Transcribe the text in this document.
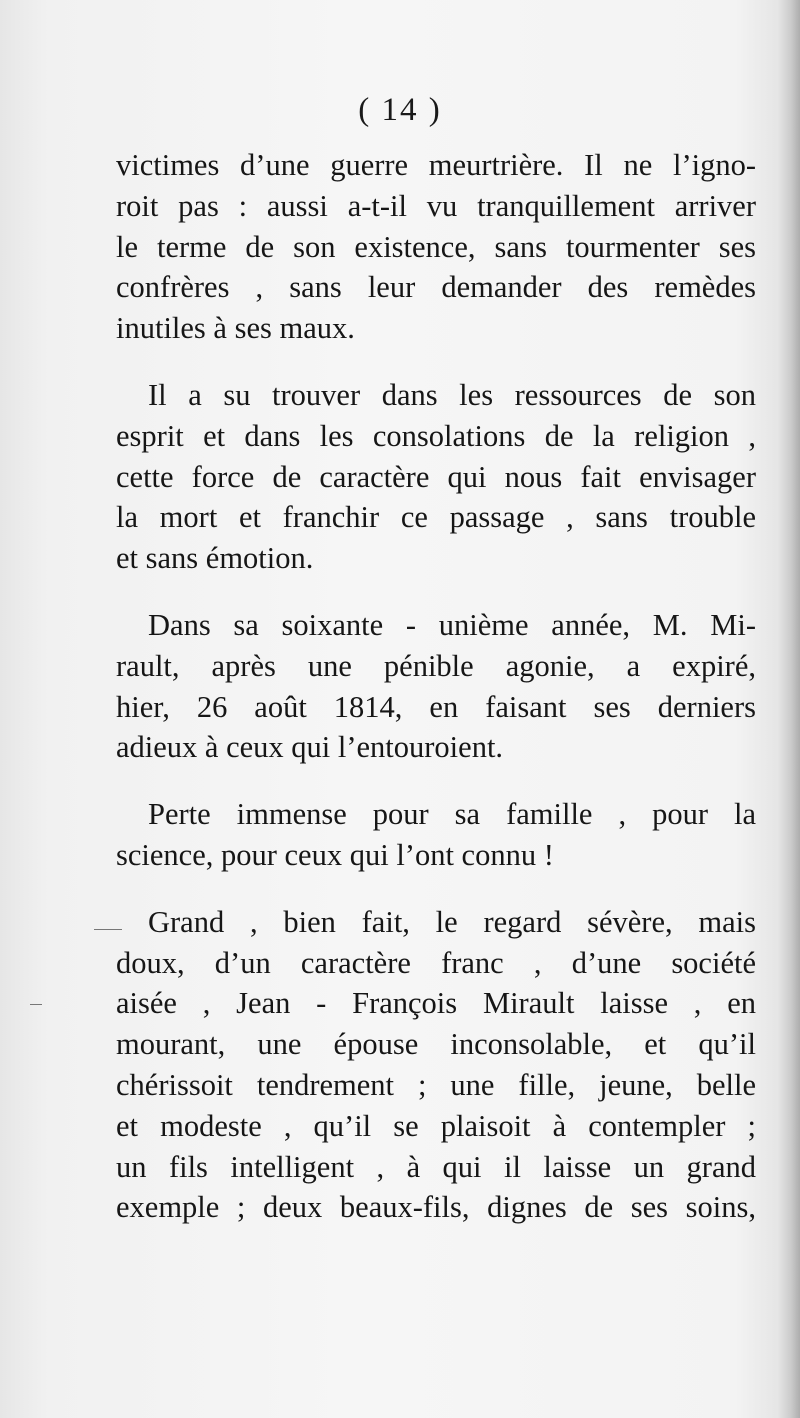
( 14 )
victimes d’une guerre meurtrière. Il ne l’igno-
roit pas : aussi a-t-il vu tranquillement arriver
le terme de son existence, sans tourmenter ses
confrères , sans leur demander des remèdes
inutiles à ses maux.
Il a su trouver dans les ressources de son
esprit et dans les consolations de la religion ,
cette force de caractère qui nous fait envisager
la mort et franchir ce passage , sans trouble
et sans émotion.
Dans sa soixante - unième année, M. Mi-
rault, après une pénible agonie, a expiré,
hier, 26 août 1814, en faisant ses derniers
adieux à ceux qui l’entouroient.
Perte immense pour sa famille , pour la
science, pour ceux qui l’ont connu !
Grand , bien fait, le regard sévère, mais
doux, d’un caractère franc , d’une société
aisée , Jean - François Mirault laisse , en
mourant, une épouse inconsolable, et qu’il
chérissoit tendrement ; une fille, jeune, belle
et modeste , qu’il se plaisoit à contempler ;
un fils intelligent , à qui il laisse un grand
exemple ; deux beaux-fils, dignes de ses soins,
